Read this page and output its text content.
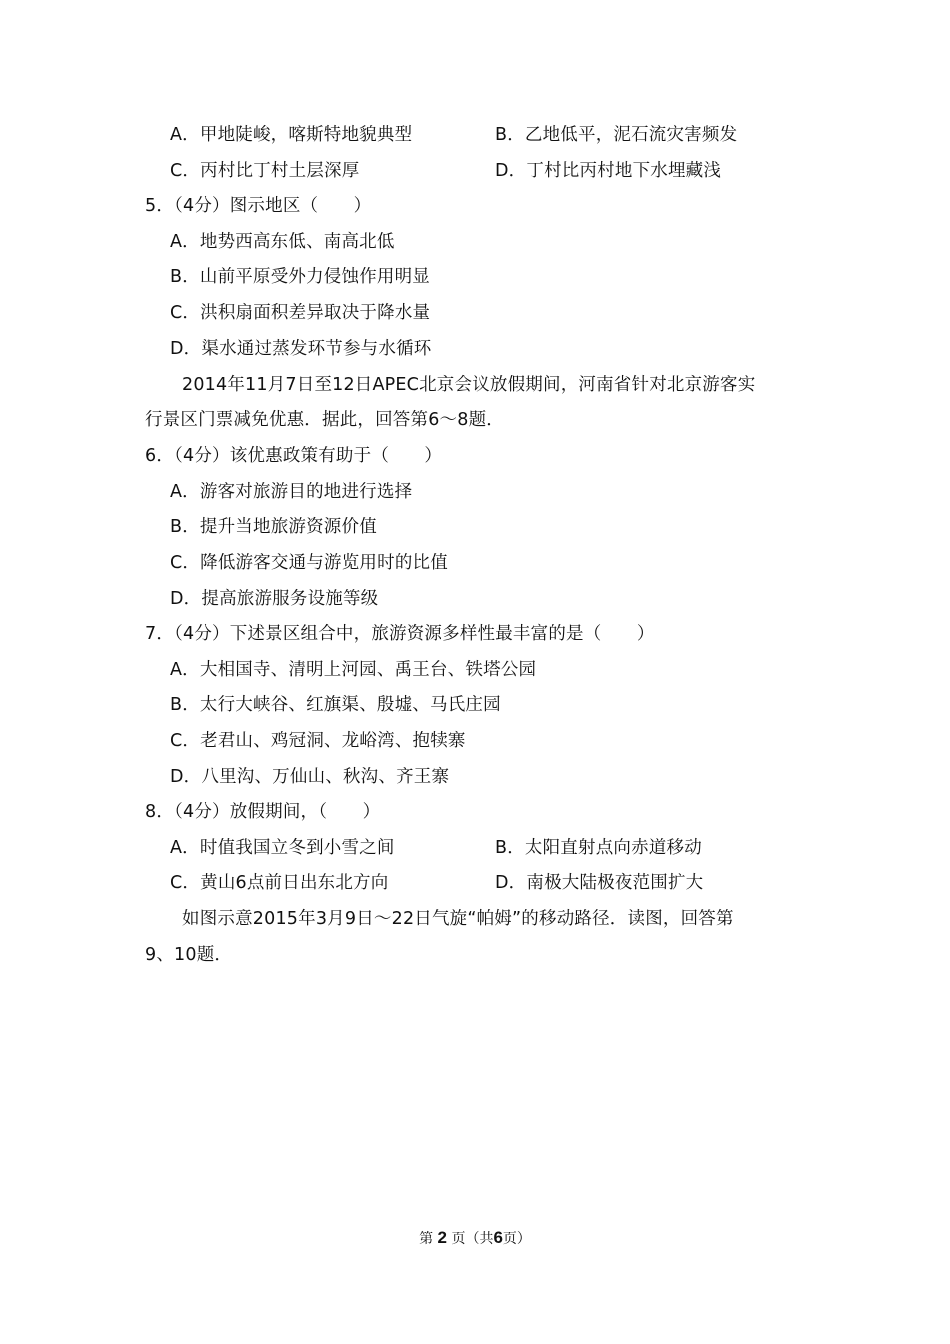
A．甲地陡峻，喀斯特地貌典型	B．乙地低平，泥石流灾害频发
C．丙村比丁村土层深厚	D．丁村比丙村地下水埋藏浅
5．（4分）图示地区（　　）
A．地势西高东低、南高北低
B．山前平原受外力侵蚀作用明显
C．洪积扇面积差异取决于降水量
D．渠水通过蒸发环节参与水循环
2014年11月7日至12日APEC北京会议放假期间，河南省针对北京游客实
行景区门票减免优惠．据此，回答第6～8题．
6．（4分）该优惠政策有助于（　　）
A．游客对旅游目的地进行选择
B．提升当地旅游资源价值
C．降低游客交通与游览用时的比值
D．提高旅游服务设施等级
7．（4分）下述景区组合中，旅游资源多样性最丰富的是（　　）
A．大相国寺、清明上河园、禹王台、铁塔公园
B．太行大峡谷、红旗渠、殷墟、马氏庄园
C．老君山、鸡冠洞、龙峪湾、抱犊寨
D．八里沟、万仙山、秋沟、齐王寨
8．（4分）放假期间，（　　）
A．时值我国立冬到小雪之间	B．太阳直射点向赤道移动
C．黄山6点前日出东北方向	D．南极大陆极夜范围扩大
如图示意2015年3月9日～22日气旋“帕姆”的移动路径．读图，回答第
9、10题．
第 2 页（共6页）
